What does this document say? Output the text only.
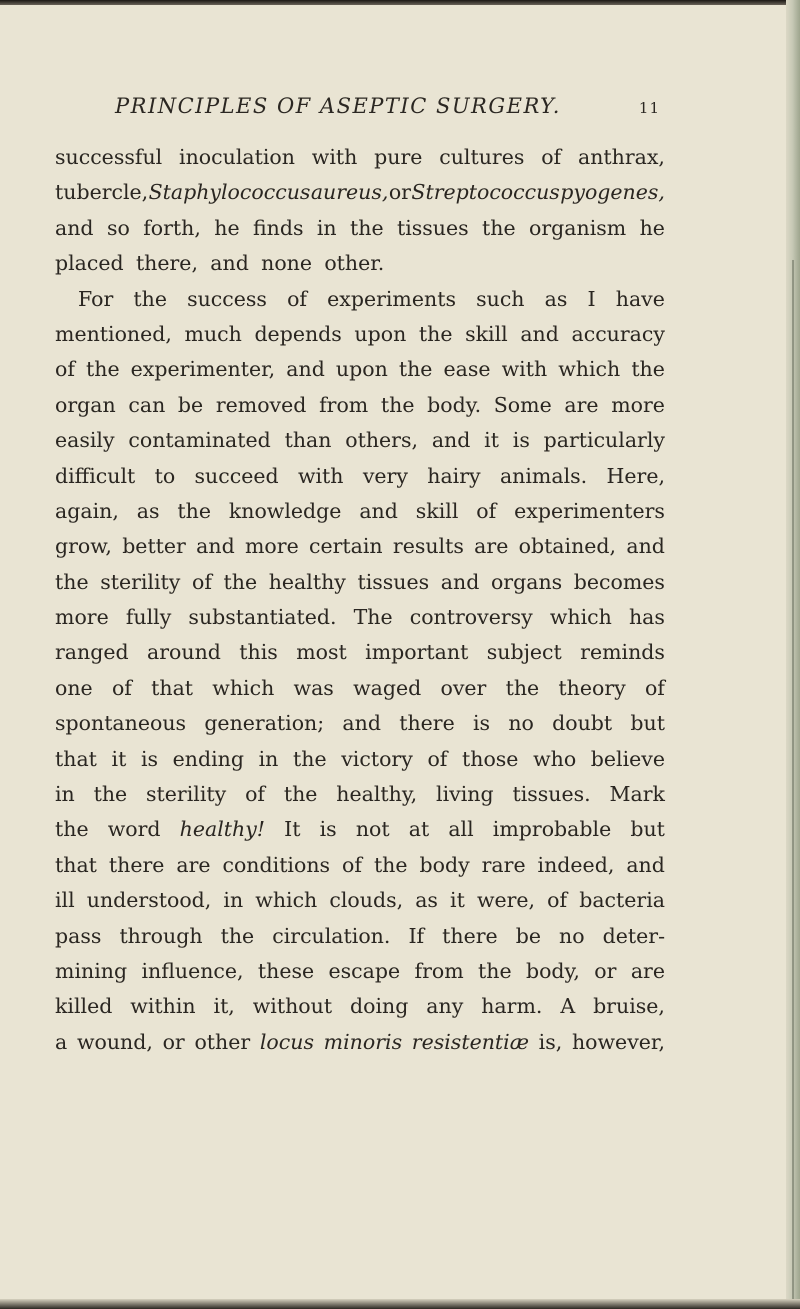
PRINCIPLES OF ASEPTIC SURGERY.	11
successful inoculation with pure cultures of anthrax,
tubercle, Staphylococcus aureus, or Streptococcus pyogenes,
and so forth, he finds in the tissues the organism he
placed there, and none other.
For the success of experiments such as I have
mentioned, much depends upon the skill and accuracy
of the experimenter, and upon the ease with which the
organ can be removed from the body. Some are more
easily contaminated than others, and it is particularly
difficult to succeed with very hairy animals. Here,
again, as the knowledge and skill of experimenters
grow, better and more certain results are obtained, and
the sterility of the healthy tissues and organs becomes
more fully substantiated. The controversy which has
ranged around this most important subject reminds
one of that which was waged over the theory of
spontaneous generation; and there is no doubt but
that it is ending in the victory of those who believe
in the sterility of the healthy, living tissues. Mark
the word healthy! It is not at all improbable but
that there are conditions of the body rare indeed, and
ill understood, in which clouds, as it were, of bacteria
pass through the circulation. If there be no deter-
mining influence, these escape from the body, or are
killed within it, without doing any harm. A bruise,
a wound, or other locus minoris resistentiæ is, however,
